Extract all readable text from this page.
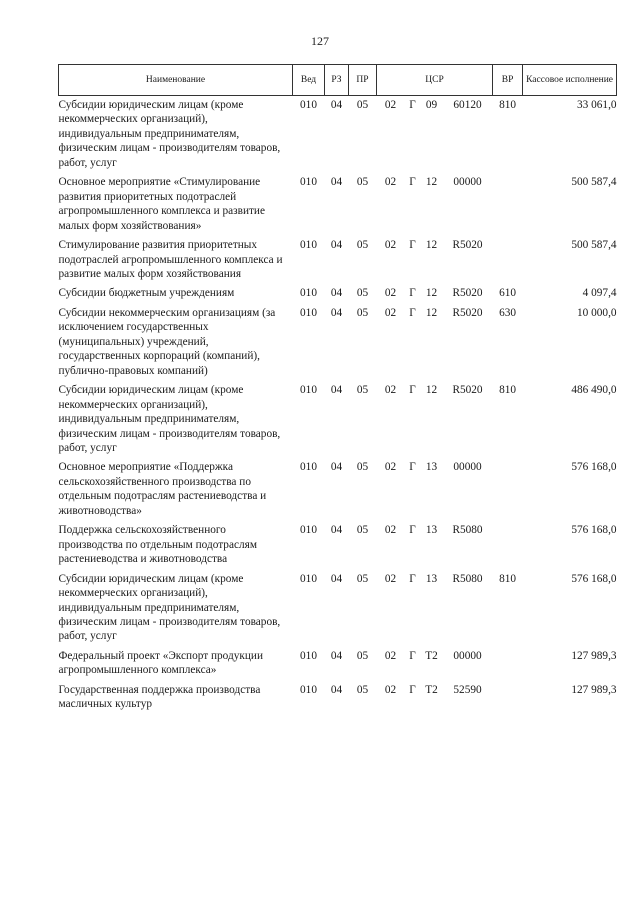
127
Наименование	Вед	РЗ	ПР	ЦСР				ВР	Кассовое исполнение
Субсидии юридическим лицам (кроме некоммерческих организаций), индивидуальным предпринимателям, физическим лицам - производителям товаров, работ, услуг	010	04	05	02	Г	09	60120	810	33 061,0
Основное мероприятие «Стимулирование развития приоритетных подотраслей агропромышленного комплекса и развитие малых форм хозяйствования»	010	04	05	02	Г	12	00000		500 587,4
Стимулирование развития приоритетных подотраслей агропромышленного комплекса и развитие малых форм хозяйствования	010	04	05	02	Г	12	R5020		500 587,4
Субсидии бюджетным учреждениям	010	04	05	02	Г	12	R5020	610	4 097,4
Субсидии некоммерческим организациям (за исключением государственных (муниципальных) учреждений, государственных корпораций (компаний), публично-правовых компаний)	010	04	05	02	Г	12	R5020	630	10 000,0
Субсидии юридическим лицам (кроме некоммерческих организаций), индивидуальным предпринимателям, физическим лицам - производителям товаров, работ, услуг	010	04	05	02	Г	12	R5020	810	486 490,0
Основное мероприятие «Поддержка сельскохозяйственного производства по отдельным подотраслям растениеводства и животноводства»	010	04	05	02	Г	13	00000		576 168,0
Поддержка сельскохозяйственного производства по отдельным подотраслям растениеводства и животноводства	010	04	05	02	Г	13	R5080		576 168,0
Субсидии юридическим лицам (кроме некоммерческих организаций), индивидуальным предпринимателям, физическим лицам - производителям товаров, работ, услуг	010	04	05	02	Г	13	R5080	810	576 168,0
Федеральный проект «Экспорт продукции агропромышленного комплекса»	010	04	05	02	Г	T2	00000		127 989,3
Государственная поддержка производства масличных культур	010	04	05	02	Г	T2	52590		127 989,3
